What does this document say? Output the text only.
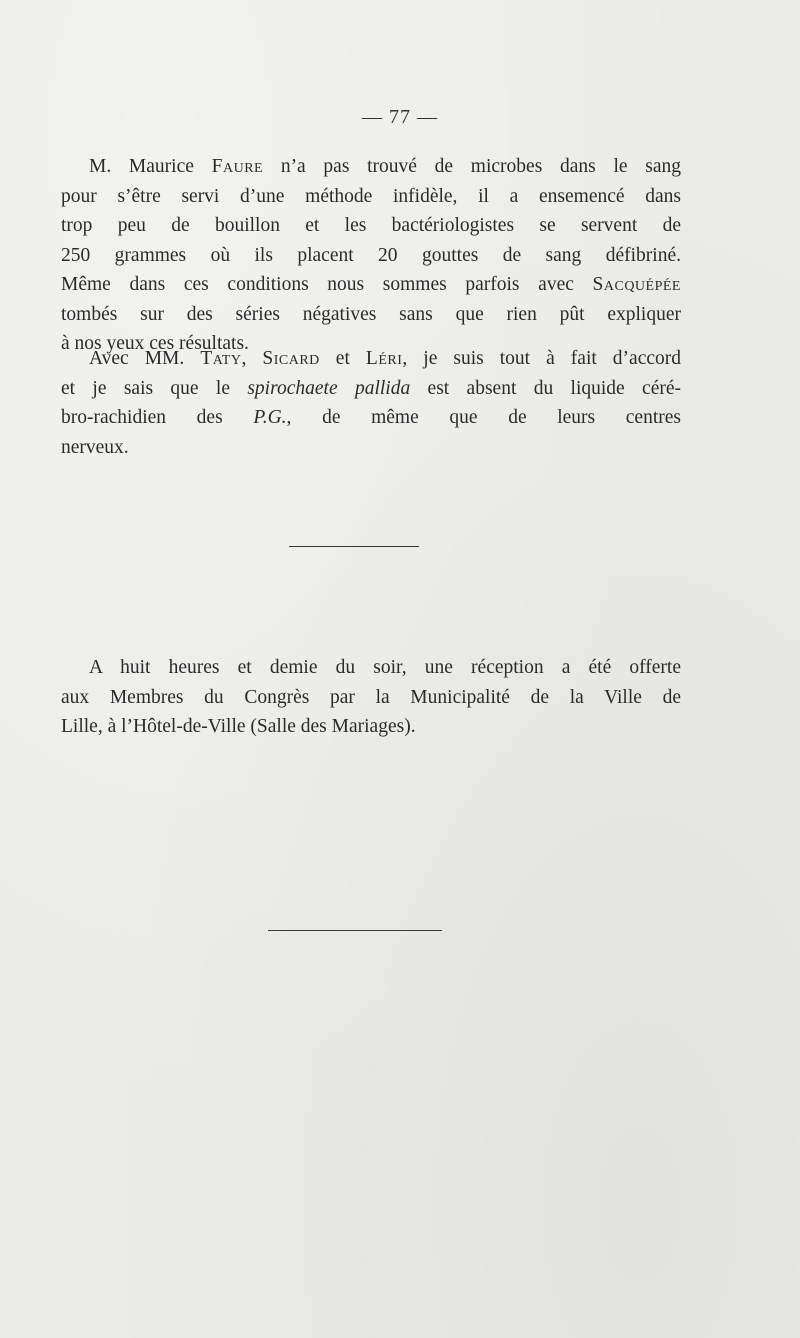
— 77 —
M. Maurice Faure n’a pas trouvé de microbes dans le sang
pour s’être servi d’une méthode infidèle, il a ensemencé dans
trop peu de bouillon et les bactériologistes se servent de
250 grammes où ils placent 20 gouttes de sang défibriné.
Même dans ces conditions nous sommes parfois avec Sacquépée
tombés sur des séries négatives sans que rien pût expliquer
à nos yeux ces résultats.
Avec MM. Taty, Sicard et Léri, je suis tout à fait d’accord
et je sais que le spirochaete pallida est absent du liquide céré-
bro-rachidien des P.G., de même que de leurs centres
nerveux.
A huit heures et demie du soir, une réception a été offerte
aux Membres du Congrès par la Municipalité de la Ville de
Lille, à l’Hôtel-de-Ville (Salle des Mariages).
